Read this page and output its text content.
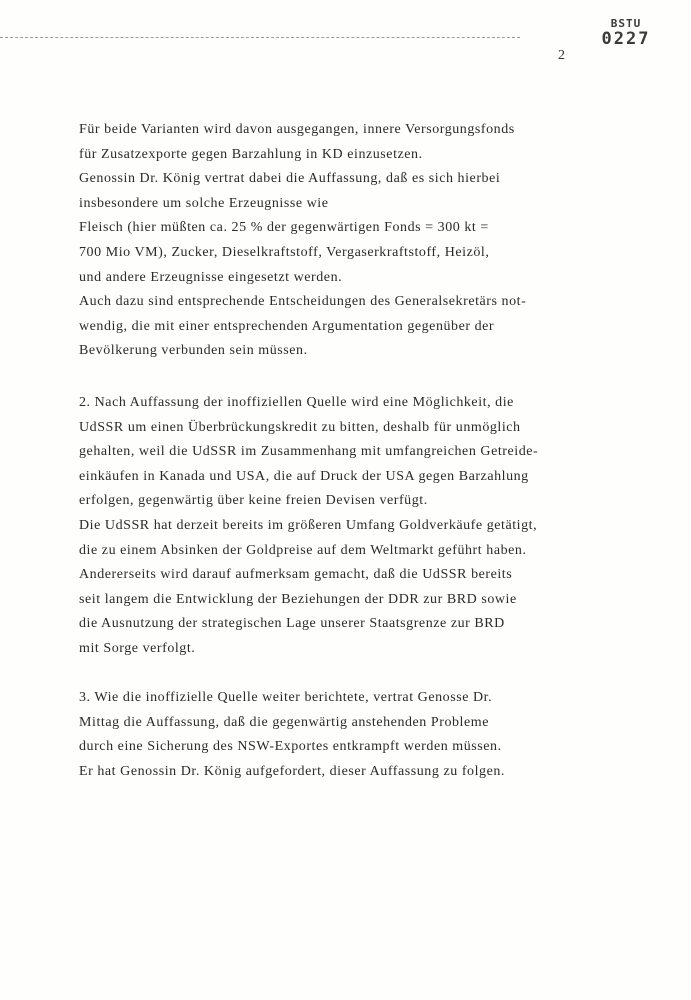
BSTU
0227
2
Für beide Varianten wird davon ausgegangen, innere Versorgungsfonds
für Zusatzexporte gegen Barzahlung in KD einzusetzen.
Genossin Dr. König vertrat dabei die Auffassung, daß es sich hierbei
insbesondere um solche Erzeugnisse wie
Fleisch (hier müßten ca. 25 % der gegenwärtigen Fonds = 300 kt =
700 Mio VM), Zucker, Dieselkraftstoff, Vergaserkraftstoff, Heizöl,
und andere Erzeugnisse eingesetzt werden.
Auch dazu sind entsprechende Entscheidungen des Generalsekretärs not-
wendig, die mit einer entsprechenden Argumentation gegenüber der
Bevölkerung verbunden sein müssen.
2. Nach Auffassung der inoffiziellen Quelle wird eine Möglichkeit, die
UdSSR um einen Überbrückungskredit zu bitten, deshalb für unmöglich
gehalten, weil die UdSSR im Zusammenhang mit umfangreichen Getreide-
einkäufen in Kanada und USA, die auf Druck der USA gegen Barzahlung
erfolgen, gegenwärtig über keine freien Devisen verfügt.
Die UdSSR hat derzeit bereits im größeren Umfang Goldverkäufe getätigt,
die zu einem Absinken der Goldpreise auf dem Weltmarkt geführt haben.
Andererseits wird darauf aufmerksam gemacht, daß die UdSSR bereits
seit langem die Entwicklung der Beziehungen der DDR zur BRD sowie
die Ausnutzung der strategischen Lage unserer Staatsgrenze zur BRD
mit Sorge verfolgt.
3. Wie die inoffizielle Quelle weiter berichtete, vertrat Genosse Dr.
Mittag die Auffassung, daß die gegenwärtig anstehenden Probleme
durch eine Sicherung des NSW-Exportes entkrampft werden müssen.
Er hat Genossin Dr. König aufgefordert, dieser Auffassung zu folgen.
